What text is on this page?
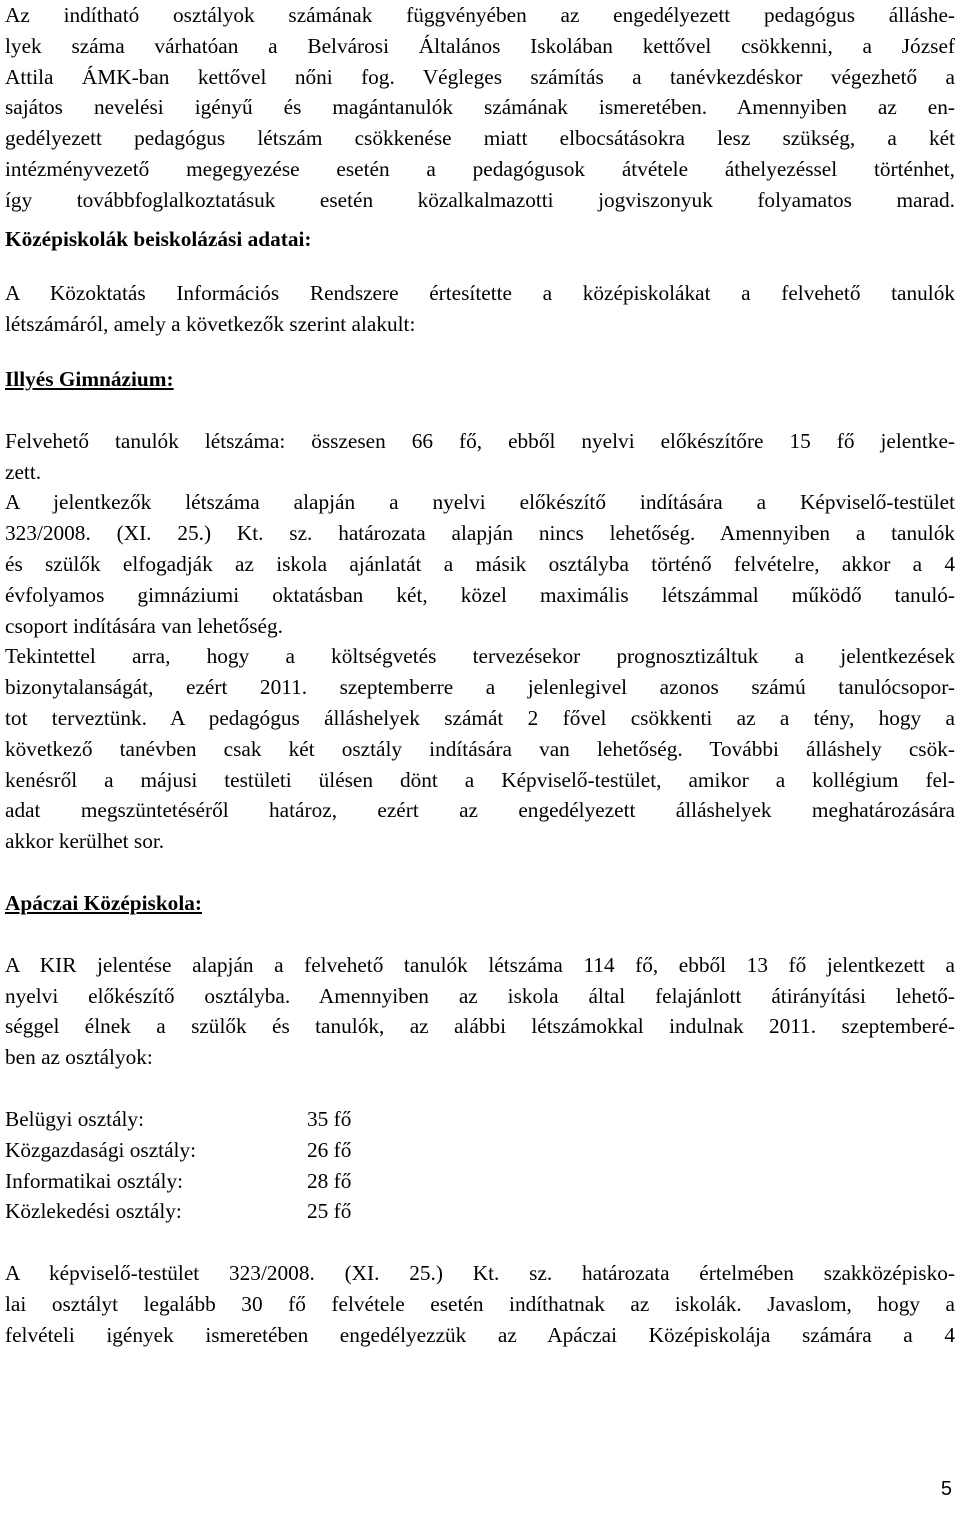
Az indítható osztályok számának függvényében az engedélyezett pedagógus álláshe-

lyek száma várhatóan a Belvárosi Általános Iskolában kettővel csökkenni, a József

Attila ÁMK-ban kettővel nőni fog. Végleges számítás a tanévkezdéskor végezhető a

sajátos nevelési igényű és magántanulók számának ismeretében. Amennyiben az en-

gedélyezett pedagógus létszám csökkenése miatt elbocsátásokra lesz szükség, a két

intézményvezető megegyezése esetén a pedagógusok átvétele áthelyezéssel történhet,

így továbbfoglalkoztatásuk esetén közalkalmazotti jogviszonyuk folyamatos marad.

Középiskolák beiskolázási adatai:

A Közoktatás Információs Rendszere értesítette a középiskolákat a felvehető tanulók

létszámáról, amely a következők szerint alakult:

Illyés Gimnázium:

Felvehető tanulók létszáma: összesen 66 fő, ebből nyelvi előkészítőre 15 fő jelentke-

zett.

A jelentkezők létszáma alapján a nyelvi előkészítő indítására a Képviselő-testület

323/2008. (XI. 25.) Kt. sz. határozata alapján nincs lehetőség. Amennyiben a tanulók

és szülők elfogadják az iskola ajánlatát a másik osztályba történő felvételre, akkor a 4

évfolyamos gimnáziumi oktatásban két, közel maximális létszámmal működő tanuló-

csoport indítására van lehetőség.

Tekintettel arra, hogy a költségvetés tervezésekor prognosztizáltuk a jelentkezések

bizonytalanságát, ezért 2011. szeptemberre a jelenlegivel azonos számú tanulócsopor-

tot terveztünk. A pedagógus álláshelyek számát 2 fővel csökkenti az a tény, hogy a

következő tanévben csak két osztály indítására van lehetőség. További álláshely csök-

kenésről a májusi testületi ülésen dönt a Képviselő-testület, amikor a kollégium fel-

adat megszüntetéséről határoz, ezért az engedélyezett álláshelyek meghatározására

akkor kerülhet sor.

Apáczai Középiskola:

A KIR jelentése alapján a felvehető tanulók létszáma 114 fő, ebből 13 fő jelentkezett a

nyelvi előkészítő osztályba. Amennyiben az iskola által felajánlott átirányítási lehető-

séggel élnek a szülők és tanulók, az alábbi létszámokkal indulnak 2011. szeptemberé-

ben az osztályok:

Belügyi osztály:	35 fő
Közgazdasági osztály:	26 fő
Informatikai osztály:	28 fő
Közlekedési osztály:	25 fő

A képviselő-testület 323/2008. (XI. 25.) Kt. sz. határozata értelmében szakközépisko-

lai osztályt legalább 30 fő felvétele esetén indíthatnak az iskolák. Javaslom, hogy a

felvételi igények ismeretében engedélyezzük az Apáczai Középiskolája számára a 4

5
